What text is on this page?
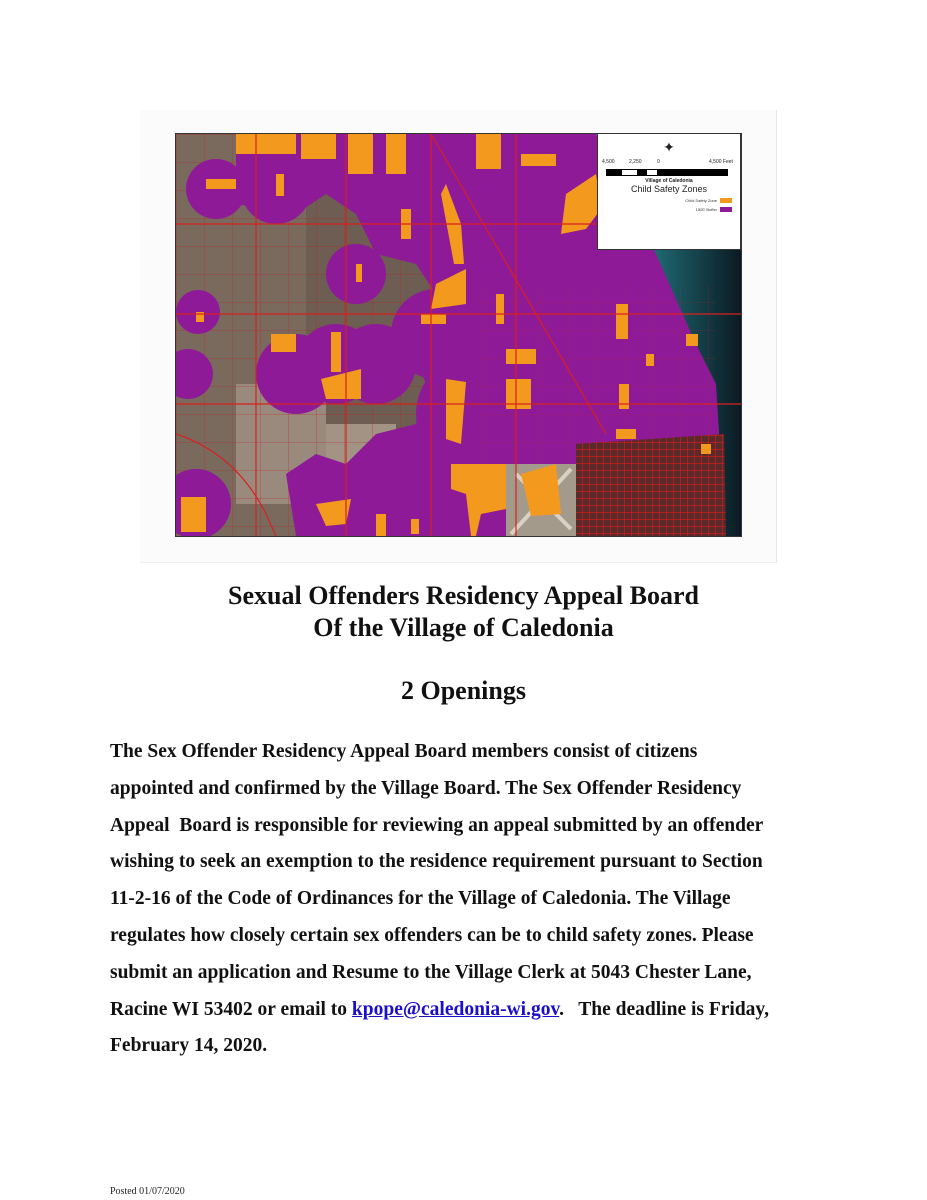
✦
4,500	2,250	0	4,500 Feet
Village of Caledonia
Child Safety Zones
Child Safety Zone
1500' Buffer
Sexual Offenders Residency Appeal Board
Of the Village of Caledonia
2 Openings
The Sex Offender Residency Appeal Board members consist of citizens
appointed and confirmed by the Village Board. The Sex Offender Residency
Appeal  Board is responsible for reviewing an appeal submitted by an offender
wishing to seek an exemption to the residence requirement pursuant to Section
11-2-16 of the Code of Ordinances for the Village of Caledonia. The Village
regulates how closely certain sex offenders can be to child safety zones. Please
submit an application and Resume to the Village Clerk at 5043 Chester Lane,
Racine WI 53402 or email to kpope@caledonia-wi.gov.   The deadline is Friday,
February 14, 2020.
Posted 01/07/2020
